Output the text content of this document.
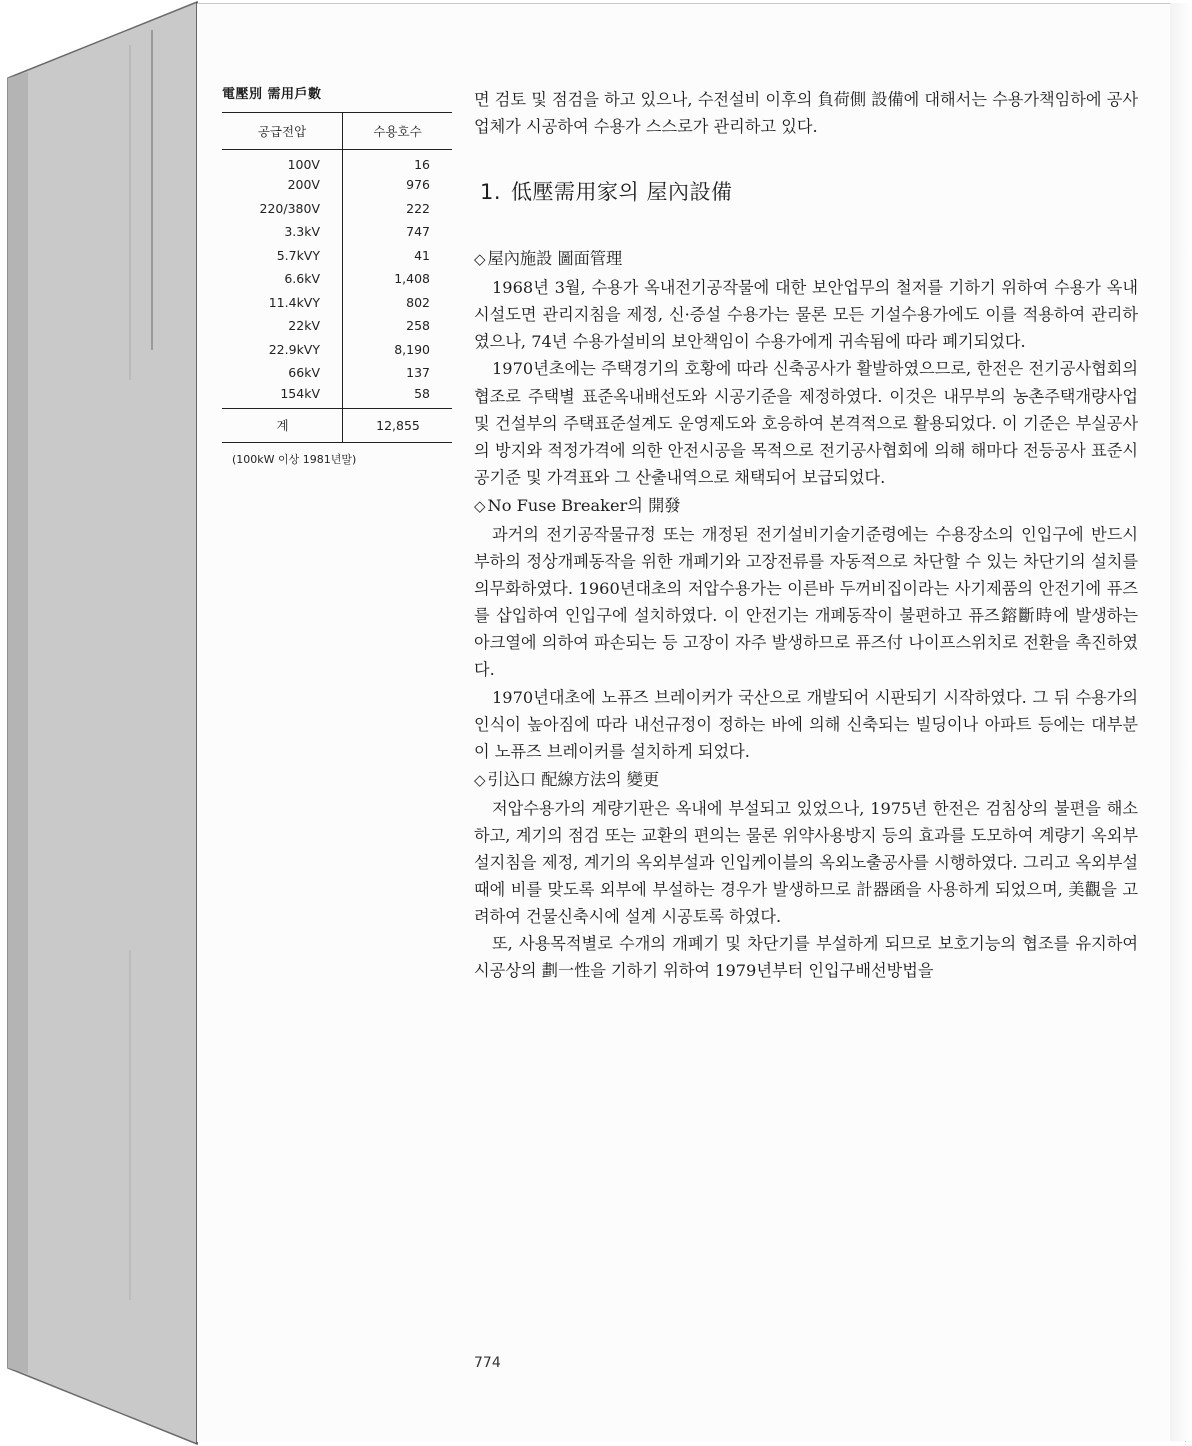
電壓別 需用戶數
공급전압	수용호수
100V	16
200V	976
220/380V	222
3.3kV	747
5.7kVY	41
6.6kV	1,408
11.4kVY	802
22kV	258
22.9kVY	8,190
66kV	137
154kV	58
계	12,855
(100kW 이상 1981년말)

면 검토 및 점검을 하고 있으나, 수전설비 이후의 負荷側 設備에 대해서는 수용가책임하에 공사업체가 시공하여 수용가 스스로가 관리하고 있다.

1. 低壓需用家의 屋內設備
◇ 屋內施設 圖面管理

1968년 3월, 수용가 옥내전기공작물에 대한 보안업무의 철저를 기하기 위하여 수용가 옥내시설도면 관리지침을 제정, 신·증설 수용가는 물론 모든 기설수용가에도 이를 적용하여 관리하였으나, 74년 수용가설비의 보안책임이 수용가에게 귀속됨에 따라 폐기되었다.

1970년초에는 주택경기의 호황에 따라 신축공사가 활발하였으므로, 한전은 전기공사협회의 협조로 주택별 표준옥내배선도와 시공기준을 제정하였다. 이것은 내무부의 농촌주택개량사업 및 건설부의 주택표준설계도 운영제도와 호응하여 본격적으로 활용되었다. 이 기준은 부실공사의 방지와 적정가격에 의한 안전시공을 목적으로 전기공사협회에 의해 해마다 전등공사 표준시공기준 및 가격표와 그 산출내역으로 채택되어 보급되었다.

◇ No Fuse Breaker의 開發

과거의 전기공작물규정 또는 개정된 전기설비기술기준령에는 수용장소의 인입구에 반드시 부하의 정상개폐동작을 위한 개폐기와 고장전류를 자동적으로 차단할 수 있는 차단기의 설치를 의무화하였다. 1960년대초의 저압수용가는 이른바 두꺼비집이라는 사기제품의 안전기에 퓨즈를 삽입하여 인입구에 설치하였다. 이 안전기는 개폐동작이 불편하고 퓨즈鎔斷時에 발생하는 아크열에 의하여 파손되는 등 고장이 자주 발생하므로 퓨즈付 나이프스위치로 전환을 촉진하였다.

1970년대초에 노퓨즈 브레이커가 국산으로 개발되어 시판되기 시작하였다. 그 뒤 수용가의 인식이 높아짐에 따라 내선규정이 정하는 바에 의해 신축되는 빌딩이나 아파트 등에는 대부분 이 노퓨즈 브레이커를 설치하게 되었다.

◇ 引込口 配線方法의 變更

저압수용가의 계량기판은 옥내에 부설되고 있었으나, 1975년 한전은 검침상의 불편을 해소하고, 계기의 점검 또는 교환의 편의는 물론 위약사용방지 등의 효과를 도모하여 계량기 옥외부설지침을 제정, 계기의 옥외부설과 인입케이블의 옥외노출공사를 시행하였다. 그리고 옥외부설 때에 비를 맞도록 외부에 부설하는 경우가 발생하므로 計器函을 사용하게 되었으며, 美觀을 고려하여 건물신축시에 설계 시공토록 하였다.

또, 사용목적별로 수개의 개폐기 및 차단기를 부설하게 되므로 보호기능의 협조를 유지하여 시공상의 劃一性을 기하기 위하여 1979년부터 인입구배선방법을

774
